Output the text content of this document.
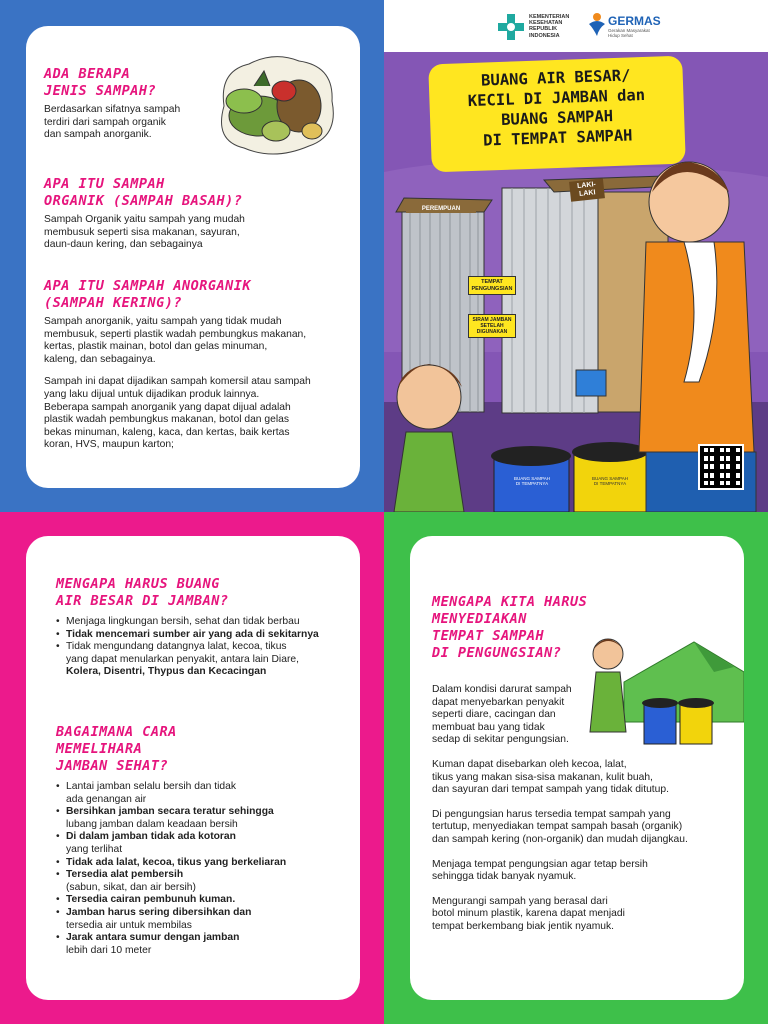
ADA BERAPA

JENIS SAMPAH?

Berdasarkan sifatnya sampah

terdiri dari sampah organik

dan sampah anorganik.

APA ITU SAMPAH

ORGANIK (SAMPAH BASAH)?

Sampah Organik yaitu sampah yang mudah

membusuk seperti sisa makanan, sayuran,

daun-daun kering, dan sebagainya

APA ITU SAMPAH ANORGANIK

(SAMPAH KERING)?

Sampah anorganik, yaitu sampah yang tidak mudah

membusuk, seperti plastik wadah pembungkus makanan,

kertas, plastik mainan, botol dan gelas minuman,

kaleng, dan sebagainya.

Sampah ini dapat dijadikan sampah komersil atau sampah

yang laku dijual untuk dijadikan produk lainnya.

Beberapa sampah anorganik yang dapat dijual adalah

plastik wadah pembungkus makanan, botol dan gelas

bekas minuman, kaleng, kaca, dan kertas, baik kertas

koran, HVS, maupun karton;

KEMENTERIAN
KESEHATAN
REPUBLIK
INDONESIA
GERMAS
Gerakan Masyarakat
Hidup Sehat
BUANG AIR BESAR/
KECIL DI JAMBAN dan
BUANG SAMPAH
DI TEMPAT SAMPAH
PEREMPUAN
LAKI-
LAKI
TEMPAT
PENGUNGSIAN
SIRAM JAMBAN
SETELAH
DIGUNAKAN
BUANG SAMPAH
DI TEMPATNYA
BUANG SAMPAH
DI TEMPATNYA

MENGAPA HARUS BUANG

AIR BESAR DI JAMBAN?

• Menjaga lingkungan bersih, sehat dan tidak berbau
• Tidak mencemari sumber air yang ada di sekitarnya
• Tidak mengundang datangnya lalat, kecoa, tikus
yang dapat menularkan penyakit, antara lain Diare,
Kolera, Disentri, Thypus dan Kecacingan

BAGAIMANA CARA

MEMELIHARA

JAMBAN SEHAT?

• Lantai jamban selalu bersih dan tidak
ada genangan air
• Bersihkan jamban secara teratur sehingga
lubang jamban dalam keadaan bersih
• Di dalam jamban tidak ada kotoran
yang terlihat
• Tidak ada lalat, kecoa, tikus yang berkeliaran
• Tersedia alat pembersih
(sabun, sikat, dan air bersih)
• Tersedia cairan pembunuh kuman.
• Jamban harus sering dibersihkan dan
tersedia air untuk membilas
• Jarak antara sumur dengan jamban
lebih dari 10 meter

MENGAPA KITA HARUS

MENYEDIAKAN

TEMPAT SAMPAH

DI PENGUNGSIAN?

Dalam kondisi darurat sampah

dapat menyebarkan penyakit

seperti diare, cacingan dan

membuat bau yang tidak

sedap di sekitar pengungsian.

Kuman dapat disebarkan oleh kecoa, lalat,

tikus yang makan sisa-sisa makanan, kulit buah,

dan sayuran dari tempat sampah yang tidak ditutup.

Di pengungsian harus tersedia tempat sampah yang

tertutup, menyediakan tempat sampah basah (organik)

dan sampah kering (non-organik) dan mudah dijangkau.

Menjaga tempat pengungsian agar tetap bersih

sehingga tidak banyak nyamuk.

Mengurangi sampah yang berasal dari

botol minum plastik, karena dapat menjadi

tempat berkembang biak jentik nyamuk.
